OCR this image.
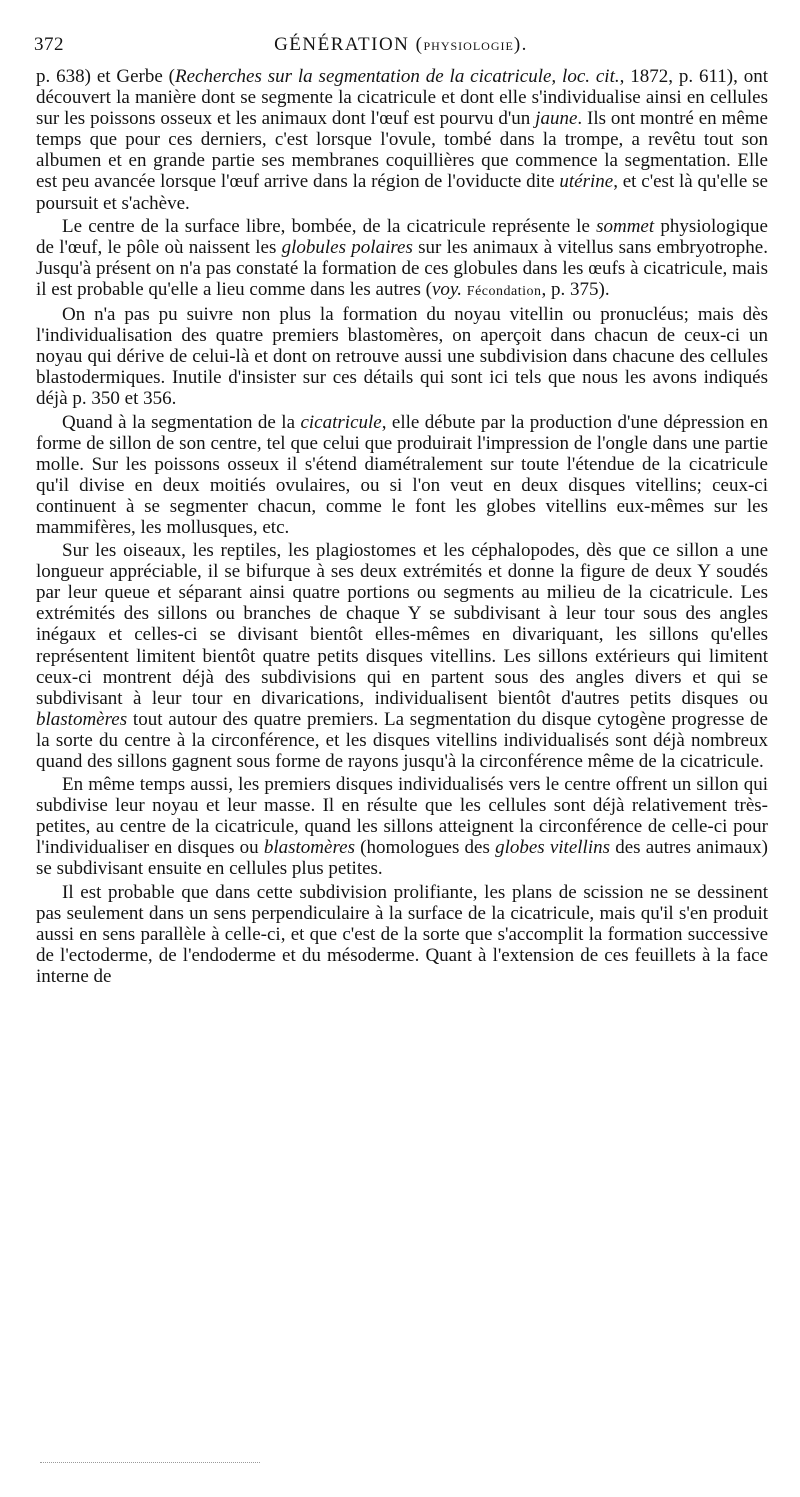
372	GÉNÉRATION (PHYSIOLOGIE).

p. 638) et Gerbe (Recherches sur la segmentation de la cicatricule, loc. cit., 1872, p. 611), ont découvert la manière dont se segmente la cicatricule et dont elle s'individualise ainsi en cellules sur les poissons osseux et les animaux dont l'œuf est pourvu d'un jaune. Ils ont montré en même temps que pour ces derniers, c'est lorsque l'ovule, tombé dans la trompe, a revêtu tout son albumen et en grande partie ses membranes coquillières que commence la segmentation. Elle est peu avancée lorsque l'œuf arrive dans la région de l'oviducte dite utérine, et c'est là qu'elle se poursuit et s'achève.

Le centre de la surface libre, bombée, de la cicatricule représente le sommet physiologique de l'œuf, le pôle où naissent les globules polaires sur les animaux à vitellus sans embryotrophe. Jusqu'à présent on n'a pas constaté la formation de ces globules dans les œufs à cicatricule, mais il est probable qu'elle a lieu comme dans les autres (voy. Fécondation, p. 375).

On n'a pas pu suivre non plus la formation du noyau vitellin ou pronucléus; mais dès l'individualisation des quatre premiers blastomères, on aperçoit dans chacun de ceux-ci un noyau qui dérive de celui-là et dont on retrouve aussi une subdivision dans chacune des cellules blastodermiques. Inutile d'insister sur ces détails qui sont ici tels que nous les avons indiqués déjà p. 350 et 356.

Quand à la segmentation de la cicatricule, elle débute par la production d'une dépression en forme de sillon de son centre, tel que celui que produirait l'impression de l'ongle dans une partie molle. Sur les poissons osseux il s'étend diamétralement sur toute l'étendue de la cicatricule qu'il divise en deux moitiés ovulaires, ou si l'on veut en deux disques vitellins; ceux-ci continuent à se segmenter chacun, comme le font les globes vitellins eux-mêmes sur les mammifères, les mollusques, etc.

Sur les oiseaux, les reptiles, les plagiostomes et les céphalopodes, dès que ce sillon a une longueur appréciable, il se bifurque à ses deux extrémités et donne la figure de deux Y soudés par leur queue et séparant ainsi quatre portions ou segments au milieu de la cicatricule. Les extrémités des sillons ou branches de chaque Y se subdivisant à leur tour sous des angles inégaux et celles-ci se divisant bientôt elles-mêmes en divariquant, les sillons qu'elles représentent limitent bientôt quatre petits disques vitellins. Les sillons extérieurs qui limitent ceux-ci montrent déjà des subdivisions qui en partent sous des angles divers et qui se subdivisant à leur tour en divarications, individualisent bientôt d'autres petits disques ou blastomères tout autour des quatre premiers. La segmentation du disque cytogène progresse de la sorte du centre à la circonférence, et les disques vitellins individualisés sont déjà nombreux quand des sillons gagnent sous forme de rayons jusqu'à la circonférence même de la cicatricule.

En même temps aussi, les premiers disques individualisés vers le centre offrent un sillon qui subdivise leur noyau et leur masse. Il en résulte que les cellules sont déjà relativement très-petites, au centre de la cicatricule, quand les sillons atteignent la circonférence de celle-ci pour l'individualiser en disques ou blastomères (homologues des globes vitellins des autres animaux) se subdivisant ensuite en cellules plus petites.

Il est probable que dans cette subdivision prolifiante, les plans de scission ne se dessinent pas seulement dans un sens perpendiculaire à la surface de la cicatricule, mais qu'il s'en produit aussi en sens parallèle à celle-ci, et que c'est de la sorte que s'accomplit la formation successive de l'ectoderme, de l'endoderme et du mésoderme. Quant à l'extension de ces feuillets à la face interne de
